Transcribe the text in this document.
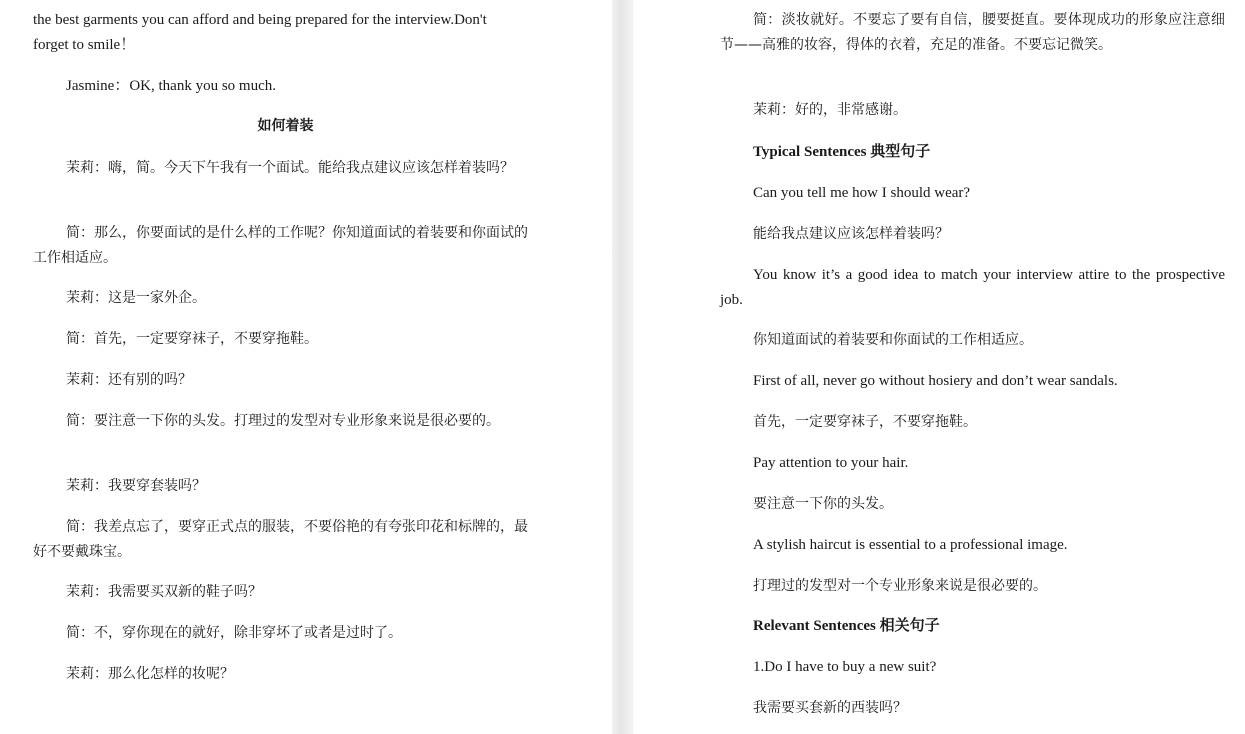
the best garments you can afford and being prepared for the interview.Don't

forget to smile！

Jasmine：OK, thank you so much.

如何着装

茉莉：嗨，简。今天下午我有一个面试。能给我点建议应该怎样着装吗？

简：那么，你要面试的是什么样的工作呢？你知道面试的着装要和你面试的工作相适应。

茉莉：这是一家外企。

简：首先，一定要穿袜子，不要穿拖鞋。

茉莉：还有别的吗？

简：要注意一下你的头发。打理过的发型对专业形象来说是很必要的。

茉莉：我要穿套装吗？

简：我差点忘了，要穿正式点的服装，不要俗艳的有夸张印花和标牌的，最好不要戴珠宝。

茉莉：我需要买双新的鞋子吗？

简：不，穿你现在的就好，除非穿坏了或者是过时了。

茉莉：那么化怎样的妆呢？

简：淡妆就好。不要忘了要有自信，腰要挺直。要体现成功的形象应注意细节——高雅的妆容，得体的衣着，充足的准备。不要忘记微笑。

茉莉：好的，非常感谢。

Typical Sentences 典型句子

Can you tell me how I should wear?

能给我点建议应该怎样着装吗？

You know it’s a good idea to match your interview attire to the prospective job.

你知道面试的着装要和你面试的工作相适应。

First of all, never go without hosiery and don’t wear sandals.

首先，一定要穿袜子，不要穿拖鞋。

Pay attention to your hair.

要注意一下你的头发。

A stylish haircut is essential to a professional image.

打理过的发型对一个专业形象来说是很必要的。

Relevant Sentences 相关句子

1.Do I have to buy a new suit?

我需要买套新的西装吗？
